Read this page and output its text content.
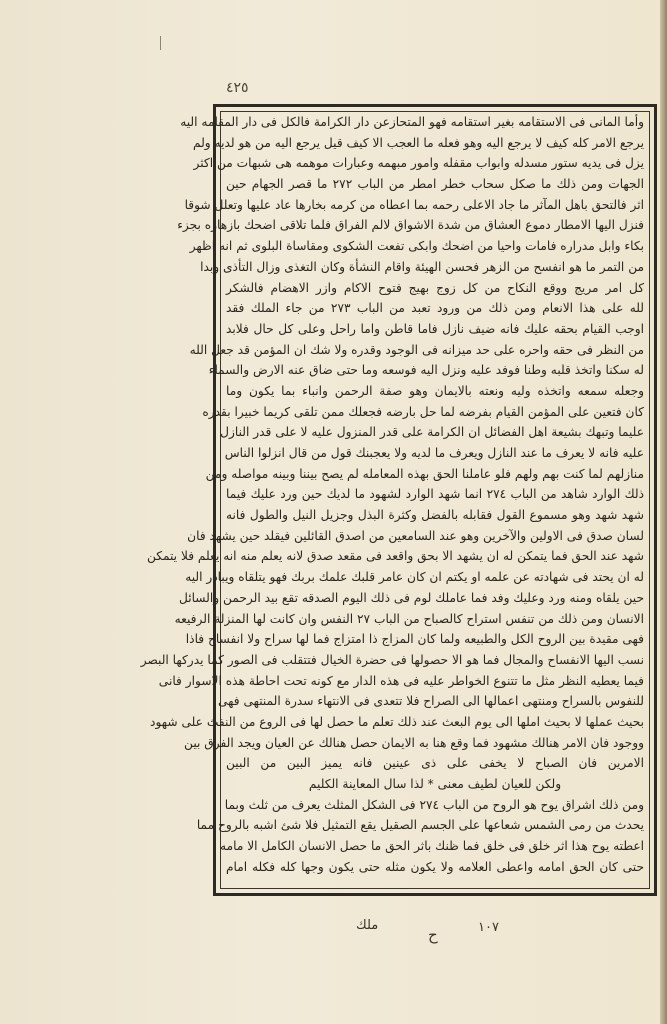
٤٢٥
وأما المانى فى الاستقامه بغير استقامه فهو المتحازعن دار الكرامة فالكل فى دار المقامه اليه
يرجع الامر كله كيف لا يرجع اليه وهو فعله ما العجب الا كيف قيل يرجع اليه من هو لديه ولم
يزل فى يديه ستور مسدله وابواب مقفله وامور مبهمه وعبارات موهمه هى شبهات من اكثر
الجهات ومن ذلك ما صكل سحاب خطر امطر من الباب ٢٧٢ ما قصر الجهام حين
اثر فالتحق باهل المآثر ما جاد الاعلى رحمه بما اعطاه من كرمه بخارها عاد عليها وتعلل شوقا
فنزل اليها الامطار دموع العشاق من شدة الاشواق لالم الفراق فلما تلاقى اضحك بازهاره بجزء
بكاء وابل مدراره فامات واحيا من اضحك وابكى تفعت الشكوى ومقاساة البلوى ثم انه اظهر
من التمر ما هو انفسح من الزهر فحسن الهيئة واقام النشأة وكان التغذى وزال التأذى وبدا
كل امر مريج ووقع النكاح من كل زوج بهيج فتوح الاكام وازر الاهضام فالشكر
لله على هذا الانعام ومن ذلك من ورود تعبد من الباب ٢٧٣ من جاء الملك فقد
اوجب القيام بحقه عليك فانه ضيف نازل فاما قاطن واما راحل وعلى كل حال فلابد
من النظر فى حقه واحره على حد ميزانه فى الوجود وقدره ولا شك ان المؤمن قد جعل الله
له سكنا واتخذ قلبه وطنا فوفد عليه ونزل اليه فوسعه وما حتى ضاق عنه الارض والسماء
وجعله سمعه واتخذه وليه ونعته بالايمان وهو صفة الرحمن وانباء بما يكون وما
كان فتعين على المؤمن القيام بفرضه لما حل بارضه فجعلك ممن تلقى كريما خبيرا بقدره
عليما وتبهك بشيعة اهل الفضائل ان الكرامة على قدر المنزول عليه لا على قدر النازل
عليه فانه لا يعرف ما عند النازل ويعرف ما لديه ولا يعجبنك قول من قال انزلوا الناس
منازلهم لما كنت بهم ولهم فلو عاملنا الحق بهذه المعامله لم يصح بيننا وبينه مواصله ومن
ذلك الوارد شاهد من الباب ٢٧٤ انما شهد الوارد لشهود ما لديك حين ورد عليك فيما
شهد شهد وهو مسموع القول فقابله بالفضل وكثرة البذل وجزيل النيل والطول فانه
لسان صدق فى الاولين والآخرين وهو عند السامعين من اصدق القائلين فيقلد حين يشهد فان
شهد عند الحق فما يتمكن له ان يشهد الا بحق واقعد فى مقعد صدق لانه يعلم منه انه يعلم فلا يتمكن
له ان يحتد فى شهادته عن علمه او يكتم ان كان عامر قلبك علمك بربك فهو يتلقاه ويبادر اليه
حين يلقاه ومنه ورد وعليك وفد فما عاملك لوم فى ذلك اليوم الصدقه تقع بيد الرحمن والسائل
الانسان ومن ذلك من تنفس استراح كالصباح من الباب ٢٧ النفس وان كانت لها المنزلة الرفيعه
فهى مقيدة بين الروح الكل والطبيعه ولما كان المزاج ذا امتزاج فما لها سراح ولا انفساح فاذا
نسب اليها الانفساح والمجال فما هو الا حصولها فى حضرة الخيال فتتقلب فى الصور كما يدركها البصر
فيما يعطيه النظر مثل ما تتنوع الخواطر عليه فى هذه الدار مع كونه تحت احاطة هذه الاسوار فانى
للنفوس بالسراح ومنتهى اعمالها الى الصراح فلا تتعدى فى الانتهاء سدرة المنتهى فهى
بحيث عملها لا بحيث املها الى يوم البعث عند ذلك تعلم ما حصل لها فى الروع من النفث على شهود
ووجود فان الامر هنالك مشهود فما وقع هنا به الايمان حصل هنالك عن العيان ويجد الفرق بين
الامرين فان الصباح لا يخفى على ذى عينين فانه يميز البين من البين
ولكن للعيان لطيف معنى * لذا سال المعاينة الكليم
ومن ذلك اشراق يوح هو الروح من الباب ٢٧٤ فى الشكل المثلث يعرف من ثلث وبما
يحدث من رمى الشمس شعاعها على الجسم الصقيل يقع التمثيل فلا شئ اشبه بالروح مما
اعطته يوح هذا اثر خلق فى خلق فما ظنك باثر الحق ما حصل الانسان الكامل الا مامه
حتى كان الحق امامه واعطى العلامه ولا يكون مثله حتى يكون وجها كله فكله امام
ملك
ح	١٠٧
